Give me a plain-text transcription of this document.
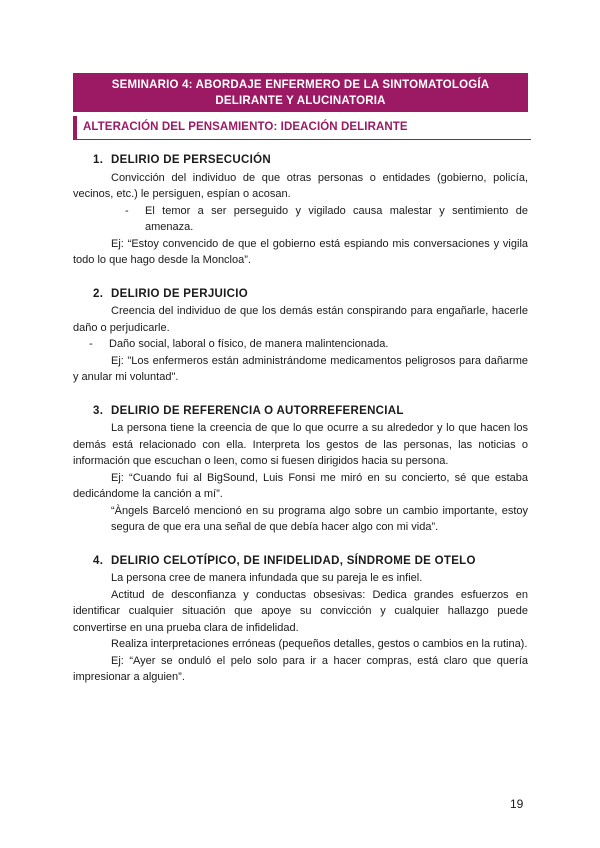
SEMINARIO 4: ABORDAJE ENFERMERO DE LA SINTOMATOLOGÍA
DELIRANTE Y ALUCINATORIA
ALTERACIÓN DEL PENSAMIENTO: IDEACIÓN DELIRANTE
1. DELIRIO DE PERSECUCIÓN

Convicción del individuo de que otras personas o entidades (gobierno, policía, vecinos, etc.) le persiguen, espían o acosan.

-	El temor a ser perseguido y vigilado causa malestar y sentimiento de amenaza.

Ej: “Estoy convencido de que el gobierno está espiando mis conversaciones y vigila todo lo que hago desde la Moncloa”.

2. DELIRIO DE PERJUICIO

Creencia del individuo de que los demás están conspirando para engañarle, hacerle daño o perjudicarle.

-	Daño social, laboral o físico, de manera malintencionada.

Ej: "Los enfermeros están administrándome medicamentos peligrosos para dañarme y anular mi voluntad".

3. DELIRIO DE REFERENCIA O AUTORREFERENCIAL

La persona tiene la creencia de que lo que ocurre a su alrededor y lo que hacen los demás está relacionado con ella. Interpreta los gestos de las personas, las noticias o información que escuchan o leen, como si fuesen dirigidos hacia su persona.

Ej: “Cuando fui al BigSound, Luis Fonsi me miró en su concierto, sé que estaba dedicándome la canción a mí”.

“Àngels Barceló mencionó en su programa algo sobre un cambio importante, estoy segura de que era una señal de que debía hacer algo con mi vida”.

4. DELIRIO CELOTÍPICO, DE INFIDELIDAD, SÍNDROME DE OTELO

La persona cree de manera infundada que su pareja le es infiel.

Actitud de desconfianza y conductas obsesivas: Dedica grandes esfuerzos en identificar cualquier situación que apoye su convicción y cualquier hallazgo puede convertirse en una prueba clara de infidelidad.

Realiza interpretaciones erróneas (pequeños detalles, gestos o cambios en la rutina).

Ej: “Ayer se onduló el pelo solo para ir a hacer compras, está claro que quería impresionar a alguien”.

19
